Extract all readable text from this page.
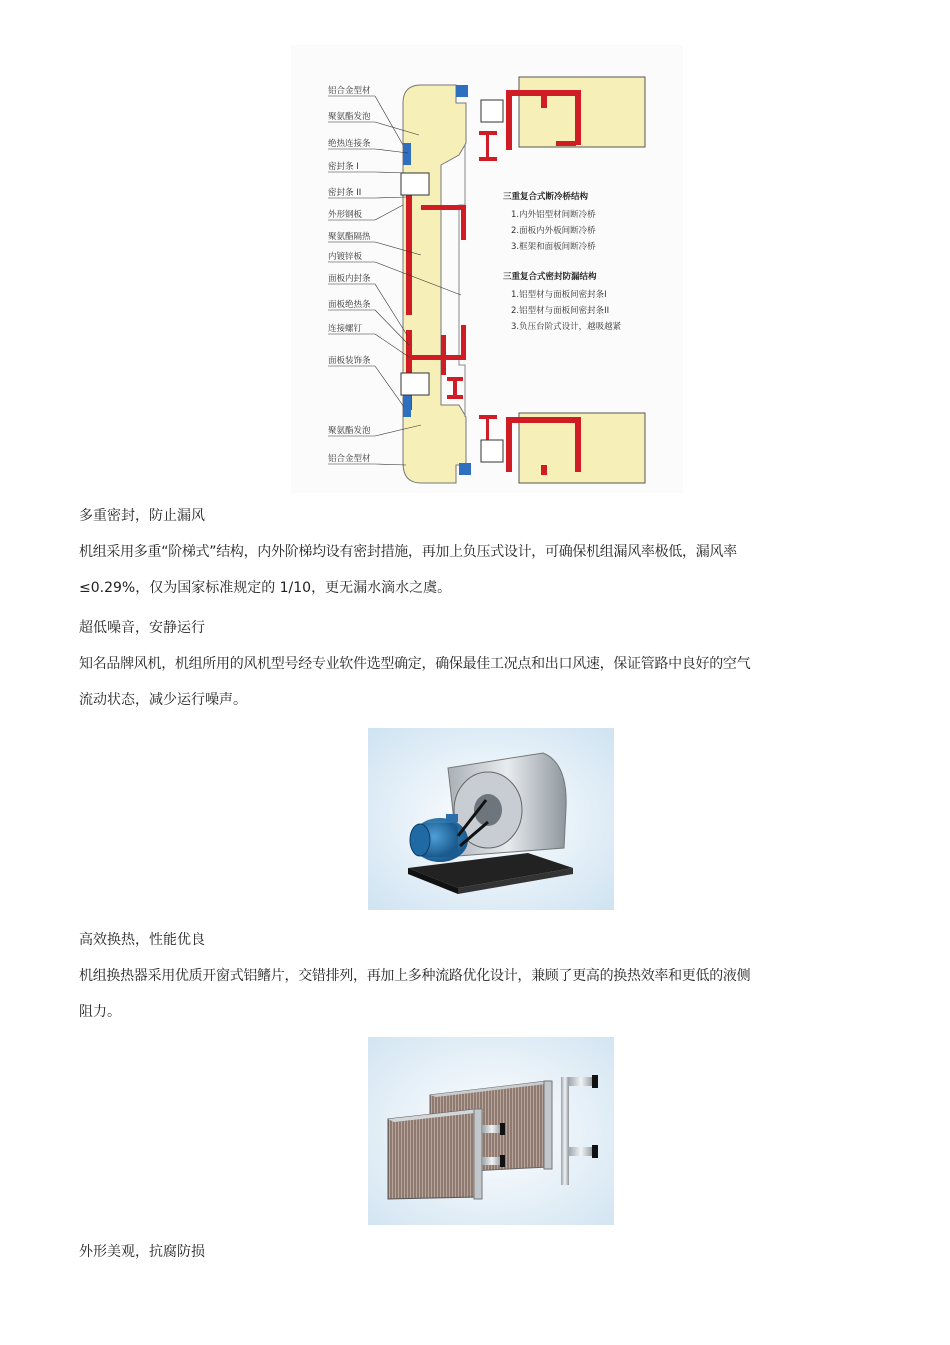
铝合金型材
聚氨酯发泡
绝热连接条
密封条 I
密封条 II
外形钢板
聚氨酯隔热
内镀锌板
面板内封条
面板绝热条
连接螺钉
面板装饰条
聚氨酯发泡
铝合金型材
三重复合式断冷桥结构
1.内外铝型材间断冷桥
2.面板内外板间断冷桥
3.框架和面板间断冷桥
三重复合式密封防漏结构
1.铝型材与面板间密封条I
2.铝型材与面板间密封条II
3.负压台阶式设计，越吸越紧
多重密封，防止漏风
机组采用多重“阶梯式”结构，内外阶梯均设有密封措施，再加上负压式设计，可确保机组漏风率极低，漏风率
≤0.29%，仅为国家标准规定的 1/10，更无漏水滴水之虞。
超低噪音，安静运行
知名品牌风机，机组所用的风机型号经专业软件选型确定，确保最佳工况点和出口风速，保证管路中良好的空气
流动状态，减少运行噪声。
高效换热，性能优良
机组换热器采用优质开窗式铝鳍片，交错排列，再加上多种流路优化设计，兼顾了更高的换热效率和更低的液侧
阻力。
外形美观，抗腐防损
